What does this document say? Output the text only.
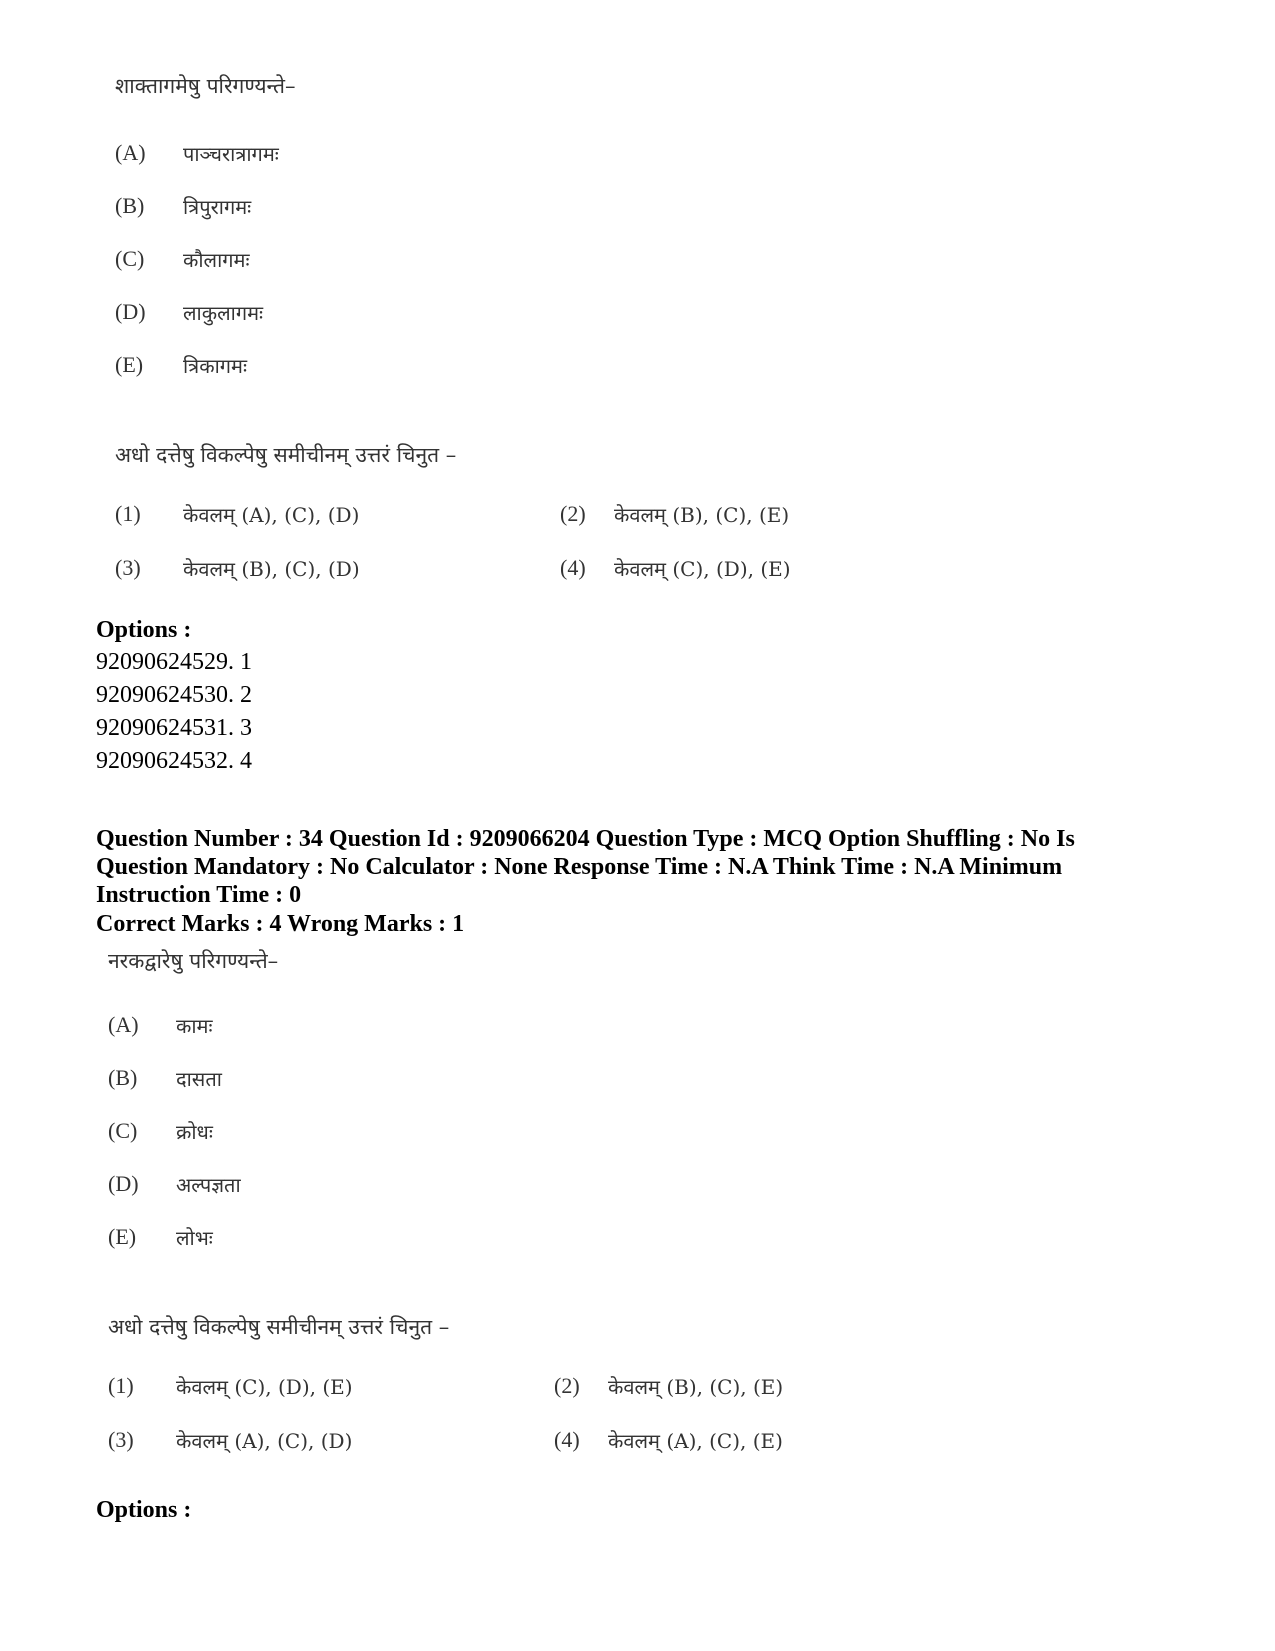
शाक्तागमेषु परिगण्यन्ते–
(A) पाञ्चरात्रागमः
(B) त्रिपुरागमः
(C) कौलागमः
(D) लाकुलागमः
(E) त्रिकागमः
अधो दत्तेषु विकल्पेषु समीचीनम् उत्तरं चिनुत –
(1) केवलम् (A), (C), (D)	(2) केवलम् (B), (C), (E)
(3) केवलम् (B), (C), (D)	(4) केवलम् (C), (D), (E)
Options :
92090624529. 1
92090624530. 2
92090624531. 3
92090624532. 4
Question Number : 34 Question Id : 9209066204 Question Type : MCQ Option Shuffling : No Is
Question Mandatory : No Calculator : None Response Time : N.A Think Time : N.A Minimum
Instruction Time : 0
Correct Marks : 4 Wrong Marks : 1
नरकद्वारेषु परिगण्यन्ते–
(A) कामः
(B) दासता
(C) क्रोधः
(D) अल्पज्ञता
(E) लोभः
अधो दत्तेषु विकल्पेषु समीचीनम् उत्तरं चिनुत –
(1) केवलम् (C), (D), (E)	(2) केवलम् (B), (C), (E)
(3) केवलम् (A), (C), (D)	(4) केवलम् (A), (C), (E)
Options :
